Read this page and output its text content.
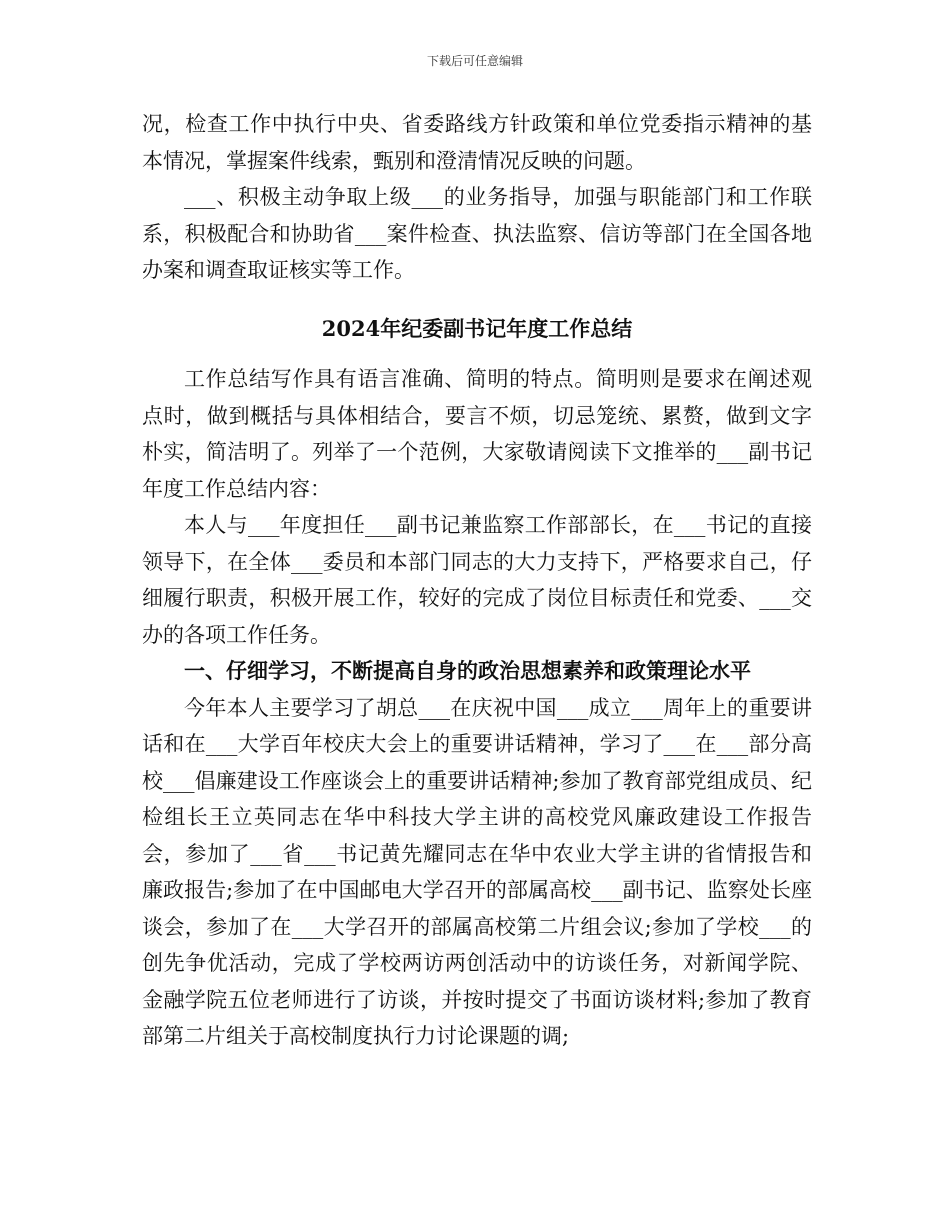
下载后可任意编辑

况，检查工作中执行中央、省委路线方针政策和单位党委指示精神的基本情况，掌握案件线索，甄别和澄清情况反映的问题。

___、积极主动争取上级___的业务指导，加强与职能部门和工作联系，积极配合和协助省___案件检查、执法监察、信访等部门在全国各地办案和调查取证核实等工作。

2024年纪委副书记年度工作总结

工作总结写作具有语言准确、简明的特点。简明则是要求在阐述观点时，做到概括与具体相结合，要言不烦，切忌笼统、累赘，做到文字朴实，简洁明了。列举了一个范例，大家敬请阅读下文推举的___副书记年度工作总结内容：

本人与___年度担任___副书记兼监察工作部部长，在___书记的直接领导下，在全体___委员和本部门同志的大力支持下，严格要求自己，仔细履行职责，积极开展工作，较好的完成了岗位目标责任和党委、___交办的各项工作任务。

一、仔细学习，不断提高自身的政治思想素养和政策理论水平

今年本人主要学习了胡总___在庆祝中国___成立___周年上的重要讲话和在___大学百年校庆大会上的重要讲话精神，学习了___在___部分高校___倡廉建设工作座谈会上的重要讲话精神;参加了教育部党组成员、纪检组长王立英同志在华中科技大学主讲的高校党风廉政建设工作报告会，参加了___省___书记黄先耀同志在华中农业大学主讲的省情报告和廉政报告;参加了在中国邮电大学召开的部属高校___副书记、监察处长座谈会，参加了在___大学召开的部属高校第二片组会议;参加了学校___的创先争优活动，完成了学校两访两创活动中的访谈任务，对新闻学院、金融学院五位老师进行了访谈，并按时提交了书面访谈材料;参加了教育部第二片组关于高校制度执行力讨论课题的调;
